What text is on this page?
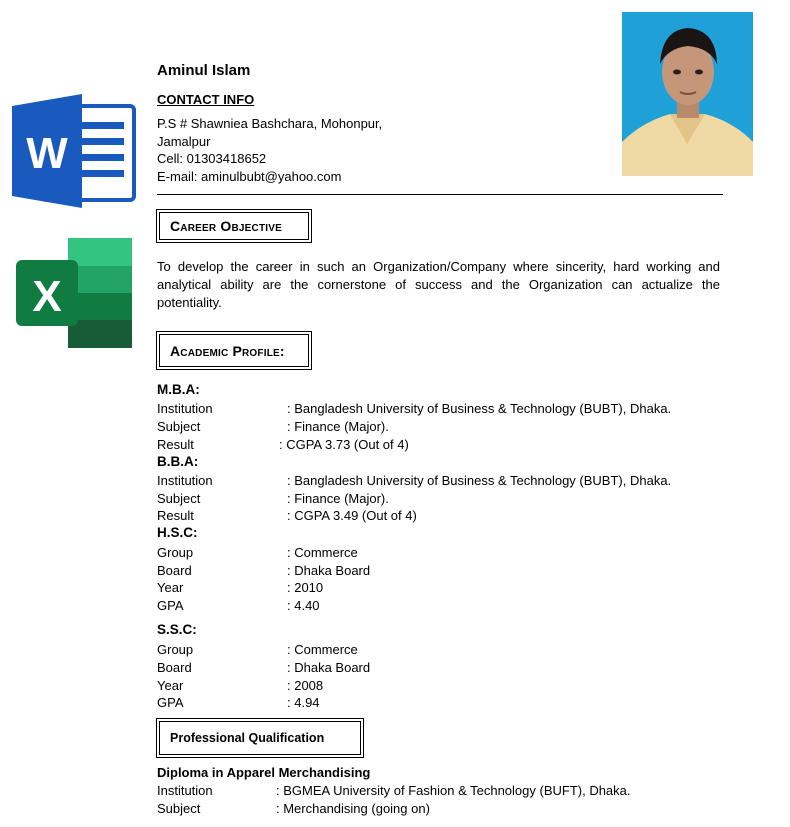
W
X
Aminul Islam
CONTACT INFO
P.S # Shawniea Bashchara, Mohonpur,
Jamalpur
Cell: 01303418652
E-mail: aminulbubt@yahoo.com
Career Objective
To develop the career in such an Organization/Company where sincerity, hard working and analytical ability are the cornerstone of success and the Organization can actualize the potentiality.
Academic Profile:
M.B.A:
Institution	: Bangladesh University of Business & Technology (BUBT), Dhaka.
Subject	: Finance (Major).
Result	: CGPA 3.73 (Out of 4)
B.B.A:
Institution	: Bangladesh University of Business & Technology (BUBT), Dhaka.
Subject	: Finance (Major).
Result	: CGPA 3.49 (Out of 4)
H.S.C:
Group	: Commerce
Board	: Dhaka Board
Year	: 2010
GPA	: 4.40
S.S.C:
Group	: Commerce
Board	: Dhaka Board
Year	: 2008
GPA	: 4.94
Professional Qualification
Diploma in Apparel Merchandising
Institution	: BGMEA University of Fashion & Technology (BUFT), Dhaka.
Subject	: Merchandising (going on)
